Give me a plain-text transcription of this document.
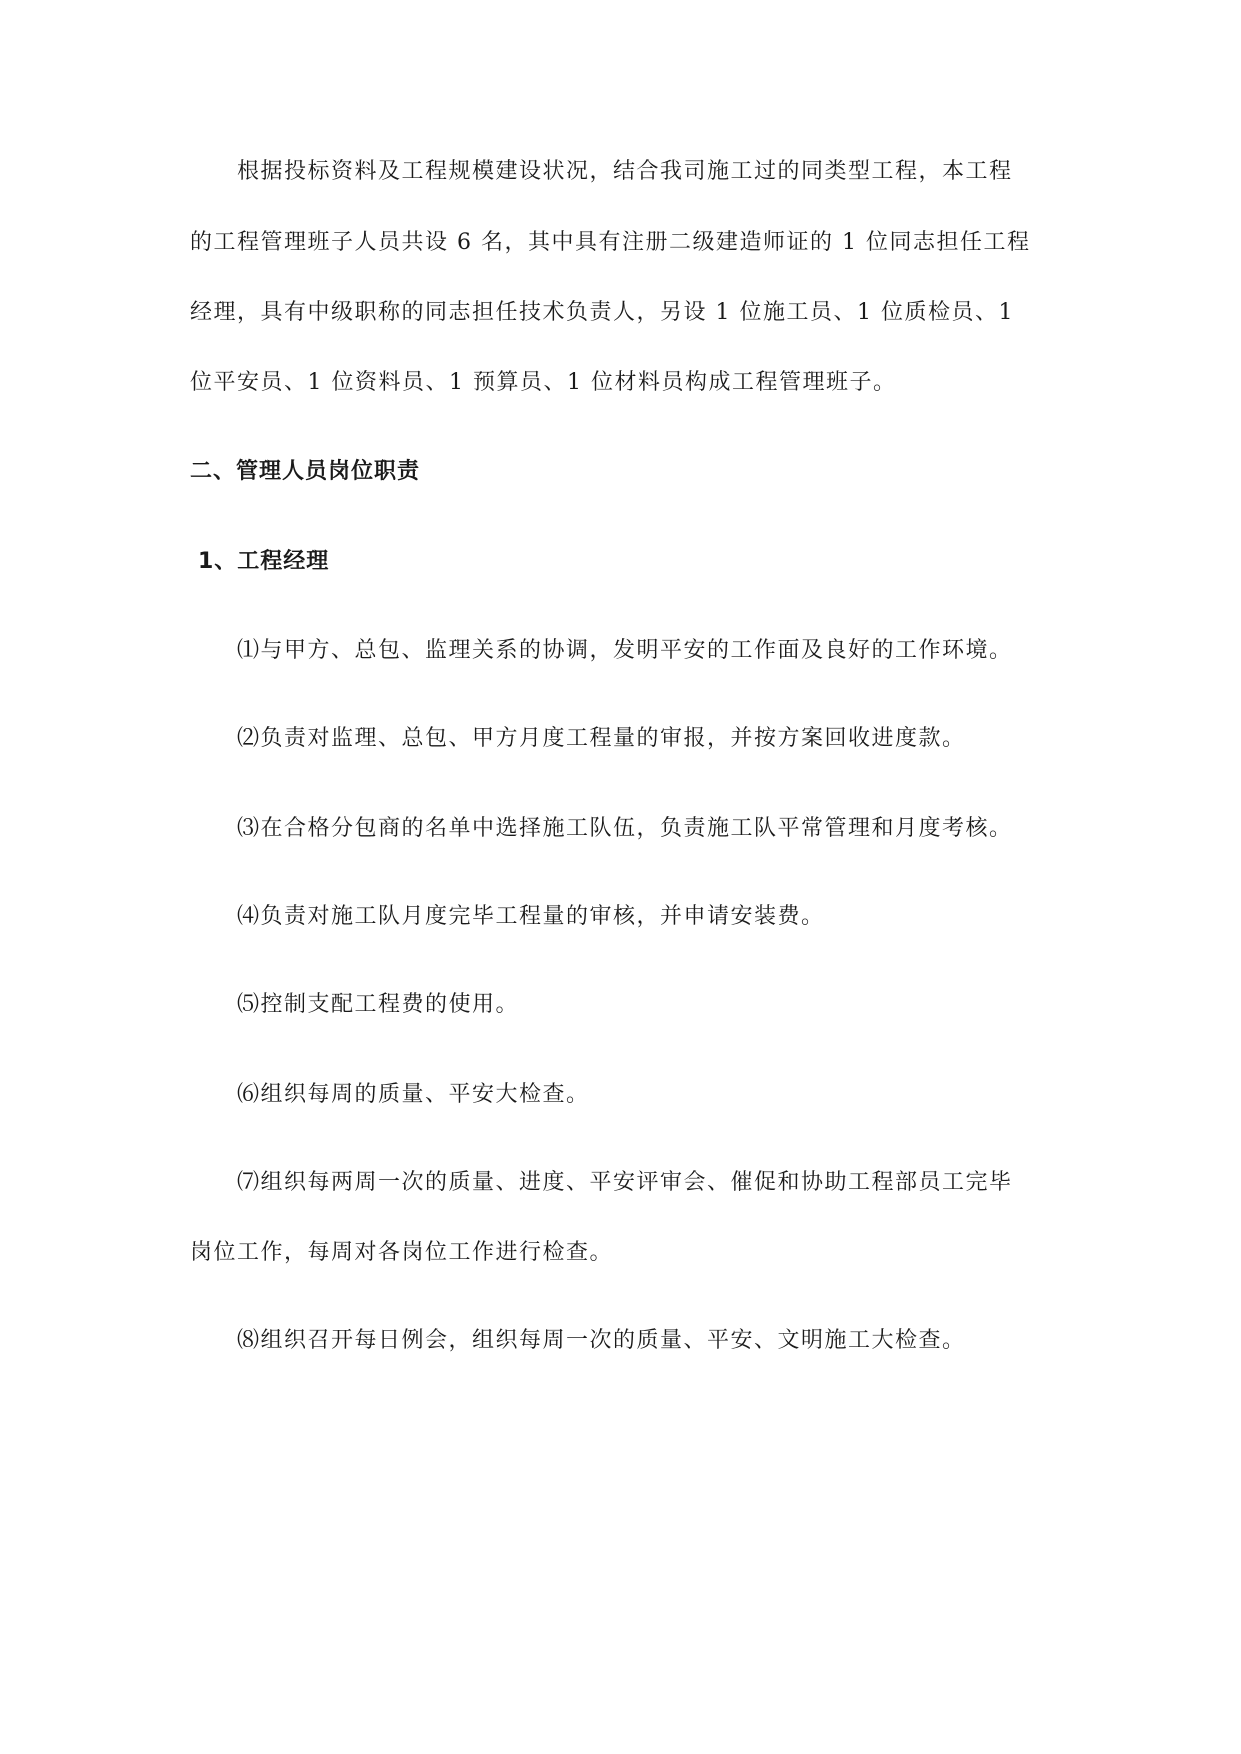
根据投标资料及工程规模建设状况，结合我司施工过的同类型工程，本工程
的工程管理班子人员共设 6 名，其中具有注册二级建造师证的 1 位同志担任工程
经理，具有中级职称的同志担任技术负责人，另设 1 位施工员、1 位质检员、1
位平安员、1 位资料员、1 预算员、1 位材料员构成工程管理班子。
二、管理人员岗位职责
1、工程经理
⑴与甲方、总包、监理关系的协调，发明平安的工作面及良好的工作环境。
⑵负责对监理、总包、甲方月度工程量的审报，并按方案回收进度款。
⑶在合格分包商的名单中选择施工队伍，负责施工队平常管理和月度考核。
⑷负责对施工队月度完毕工程量的审核，并申请安装费。
⑸控制支配工程费的使用。
⑹组织每周的质量、平安大检查。
⑺组织每两周一次的质量、进度、平安评审会、催促和协助工程部员工完毕
岗位工作，每周对各岗位工作进行检查。
⑻组织召开每日例会，组织每周一次的质量、平安、文明施工大检查。
